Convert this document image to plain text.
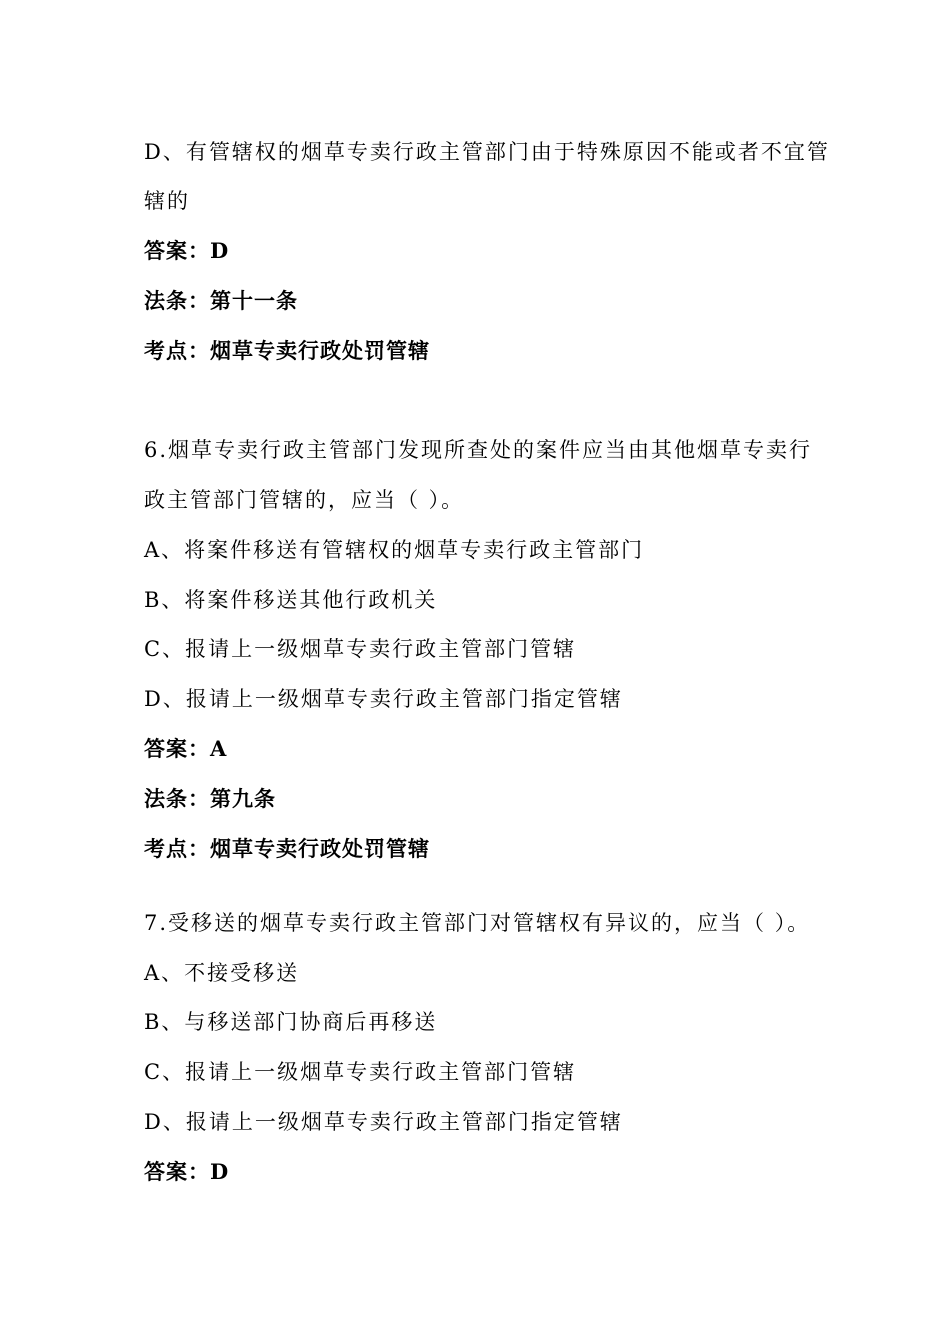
D、有管辖权的烟草专卖行政主管部门由于特殊原因不能或者不宜管
辖的
答案：D
法条：第十一条
考点：烟草专卖行政处罚管辖
6.烟草专卖行政主管部门发现所查处的案件应当由其他烟草专卖行
政主管部门管辖的，应当（ ）。
A、将案件移送有管辖权的烟草专卖行政主管部门
B、将案件移送其他行政机关
C、报请上一级烟草专卖行政主管部门管辖
D、报请上一级烟草专卖行政主管部门指定管辖
答案：A
法条：第九条
考点：烟草专卖行政处罚管辖
7.受移送的烟草专卖行政主管部门对管辖权有异议的，应当（ ）。
A、不接受移送
B、与移送部门协商后再移送
C、报请上一级烟草专卖行政主管部门管辖
D、报请上一级烟草专卖行政主管部门指定管辖
答案：D
